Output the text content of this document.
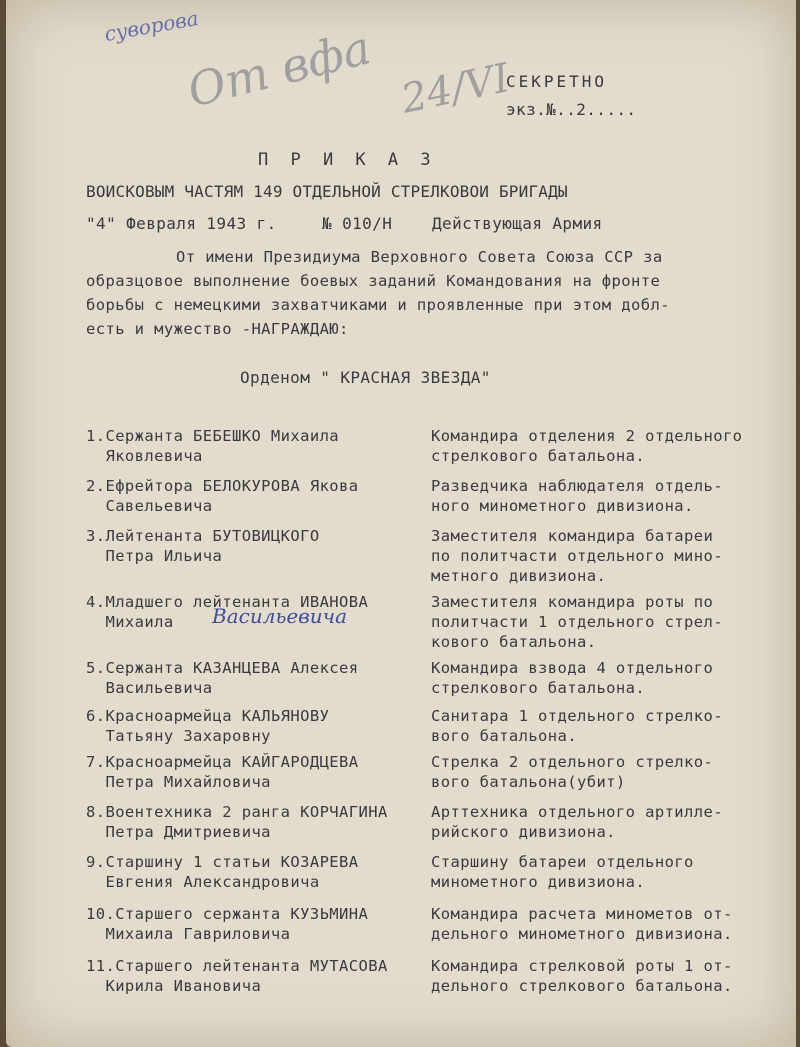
суворова
От вфа 24/VI
СЕКРЕТНО
экз.№..2.....
П Р И К А З
ВОИСКОВЫМ ЧАСТЯМ 149 ОТДЕЛЬНОЙ СТРЕЛКОВОИ БРИГАДЫ
"4" Февраля 1943 г.	№ 010/Н Действующая Армия
От имени Президиума Верховного Совета Союза ССР за
образцовое выполнение боевых заданий Командования на фронте
борьбы с немецкими захватчиками и проявленные при этом добл-
есть и мужество -НАГРАЖДАЮ:
Орденом " КРАСНАЯ ЗВЕЗДА"
1.Сержанта БЕБЕШКО Михаила
Яковлевича
Командира отделения 2 отдельного
стрелкового батальона.
2.Ефрейтора БЕЛОКУРОВА Якова
Савельевича
Разведчика наблюдателя отдель-
ного минометного дивизиона.
3.Лейтенанта БУТОВИЦКОГО
Петра Ильича
Заместителя командира батареи
по политчасти отдельного мино-
метного дивизиона.
4.Младшего лейтенанта ИВАНОВА
Михаила
Заместителя командира роты по
политчасти 1 отдельного стрел-
кового батальона.
Васильевича
5.Сержанта КАЗАНЦЕВА Алексея
Васильевича
Командира взвода 4 отдельного
стрелкового батальона.
6.Красноармейца КАЛЬЯНОВУ
Татьяну Захаровну
Санитара 1 отдельного стрелко-
вого батальона.
7.Красноармейца КАЙГАРОДЦЕВА
Петра Михайловича
Стрелка 2 отдельного стрелко-
вого батальона(убит)
8.Воентехника 2 ранга КОРЧАГИНА
Петра Дмитриевича
Арттехника отдельного артилле-
рийского дивизиона.
9.Старшину 1 статьи КОЗАРЕВА
Евгения Александровича
Старшину батареи отдельного
минометного дивизиона.
10.Старшего сержанта КУЗЬМИНА
Михаила Гавриловича
Командира расчета минометов от-
дельного минометного дивизиона.
11.Старшего лейтенанта МУТАСОВА
Кирила Ивановича
Командира стрелковой роты 1 от-
дельного стрелкового батальона.
